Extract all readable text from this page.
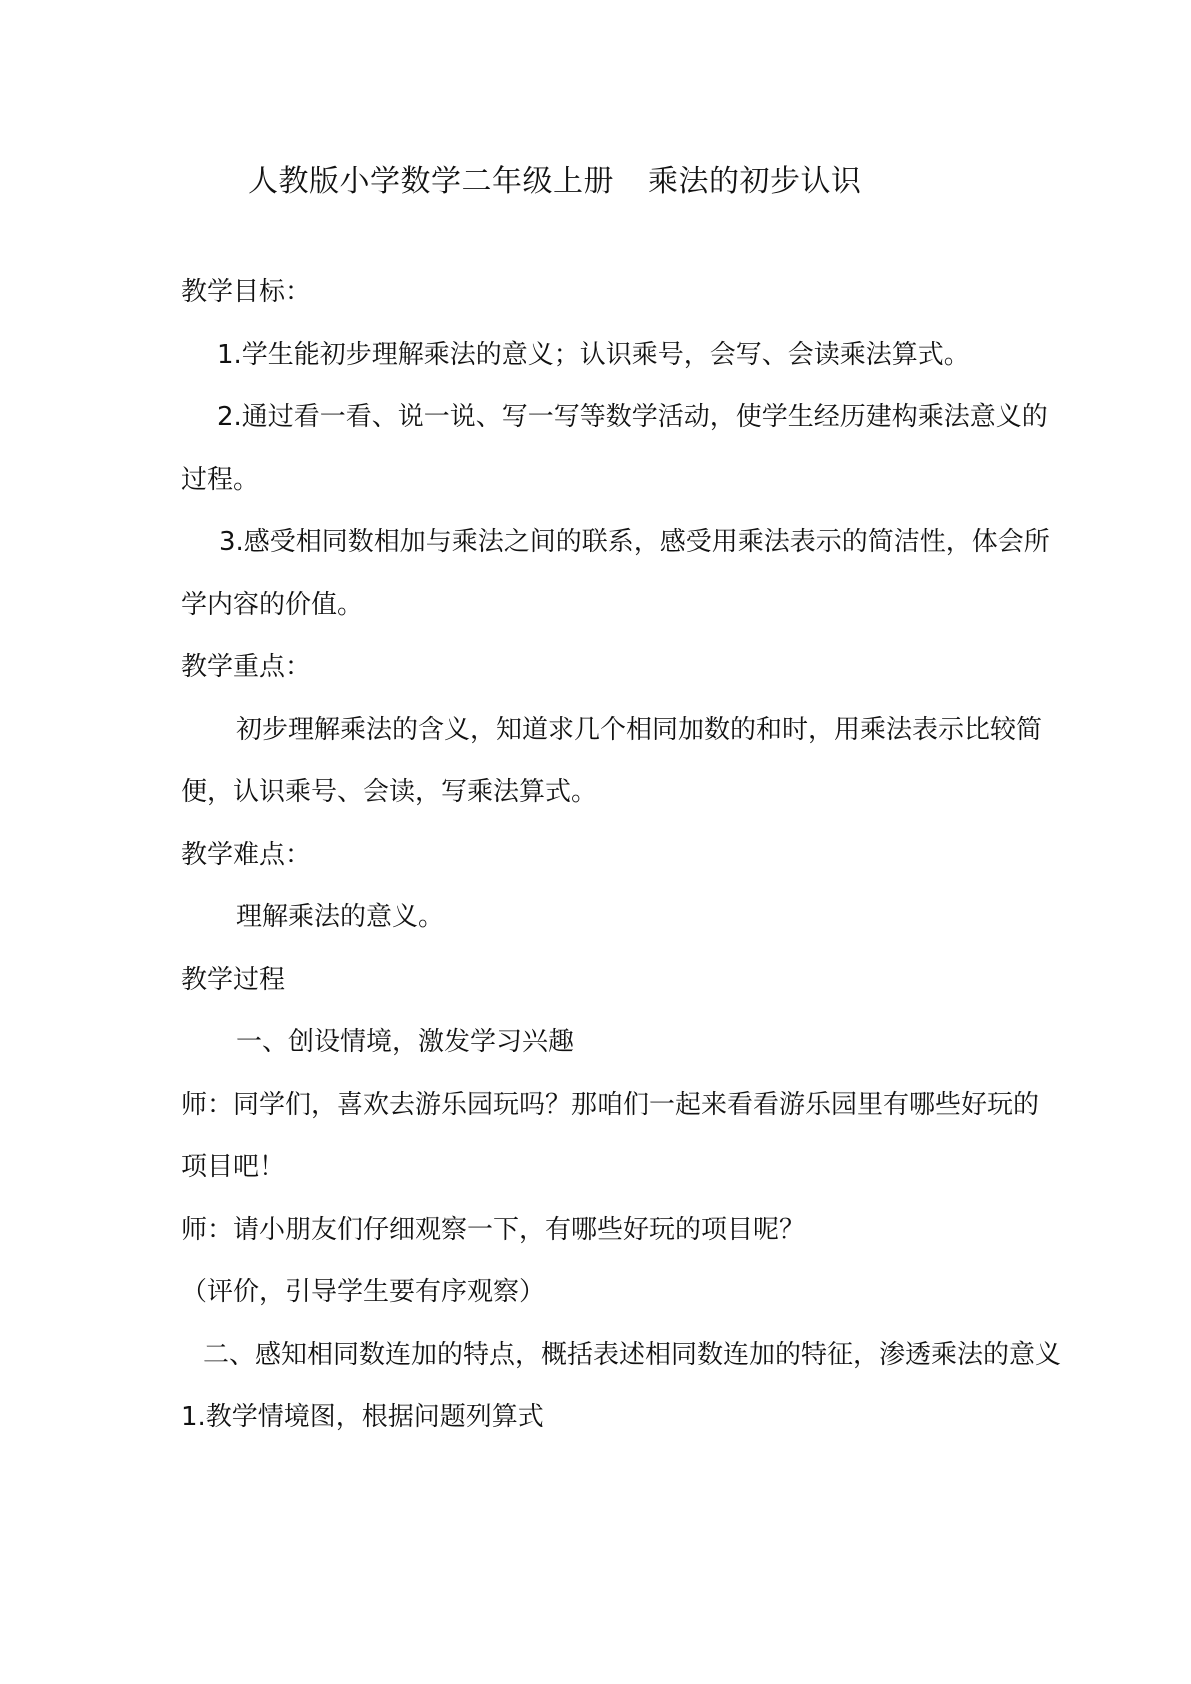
人教版小学数学二年级上册 乘法的初步认识

教学目标：

1.学生能初步理解乘法的意义；认识乘号，会写、会读乘法算式。

2.通过看一看、说一说、写一写等数学活动，使学生经历建构乘法意义的过程。

3.感受相同数相加与乘法之间的联系，感受用乘法表示的简洁性，体会所学内容的价值。

教学重点：

初步理解乘法的含义，知道求几个相同加数的和时，用乘法表示比较简便，认识乘号、会读，写乘法算式。

教学难点：

理解乘法的意义。

教学过程

一、创设情境，激发学习兴趣

师：同学们，喜欢去游乐园玩吗？那咱们一起来看看游乐园里有哪些好玩的项目吧！

师：请小朋友们仔细观察一下，有哪些好玩的项目呢？

（评价，引导学生要有序观察）

二、感知相同数连加的特点，概括表述相同数连加的特征，渗透乘法的意义

1.教学情境图，根据问题列算式
